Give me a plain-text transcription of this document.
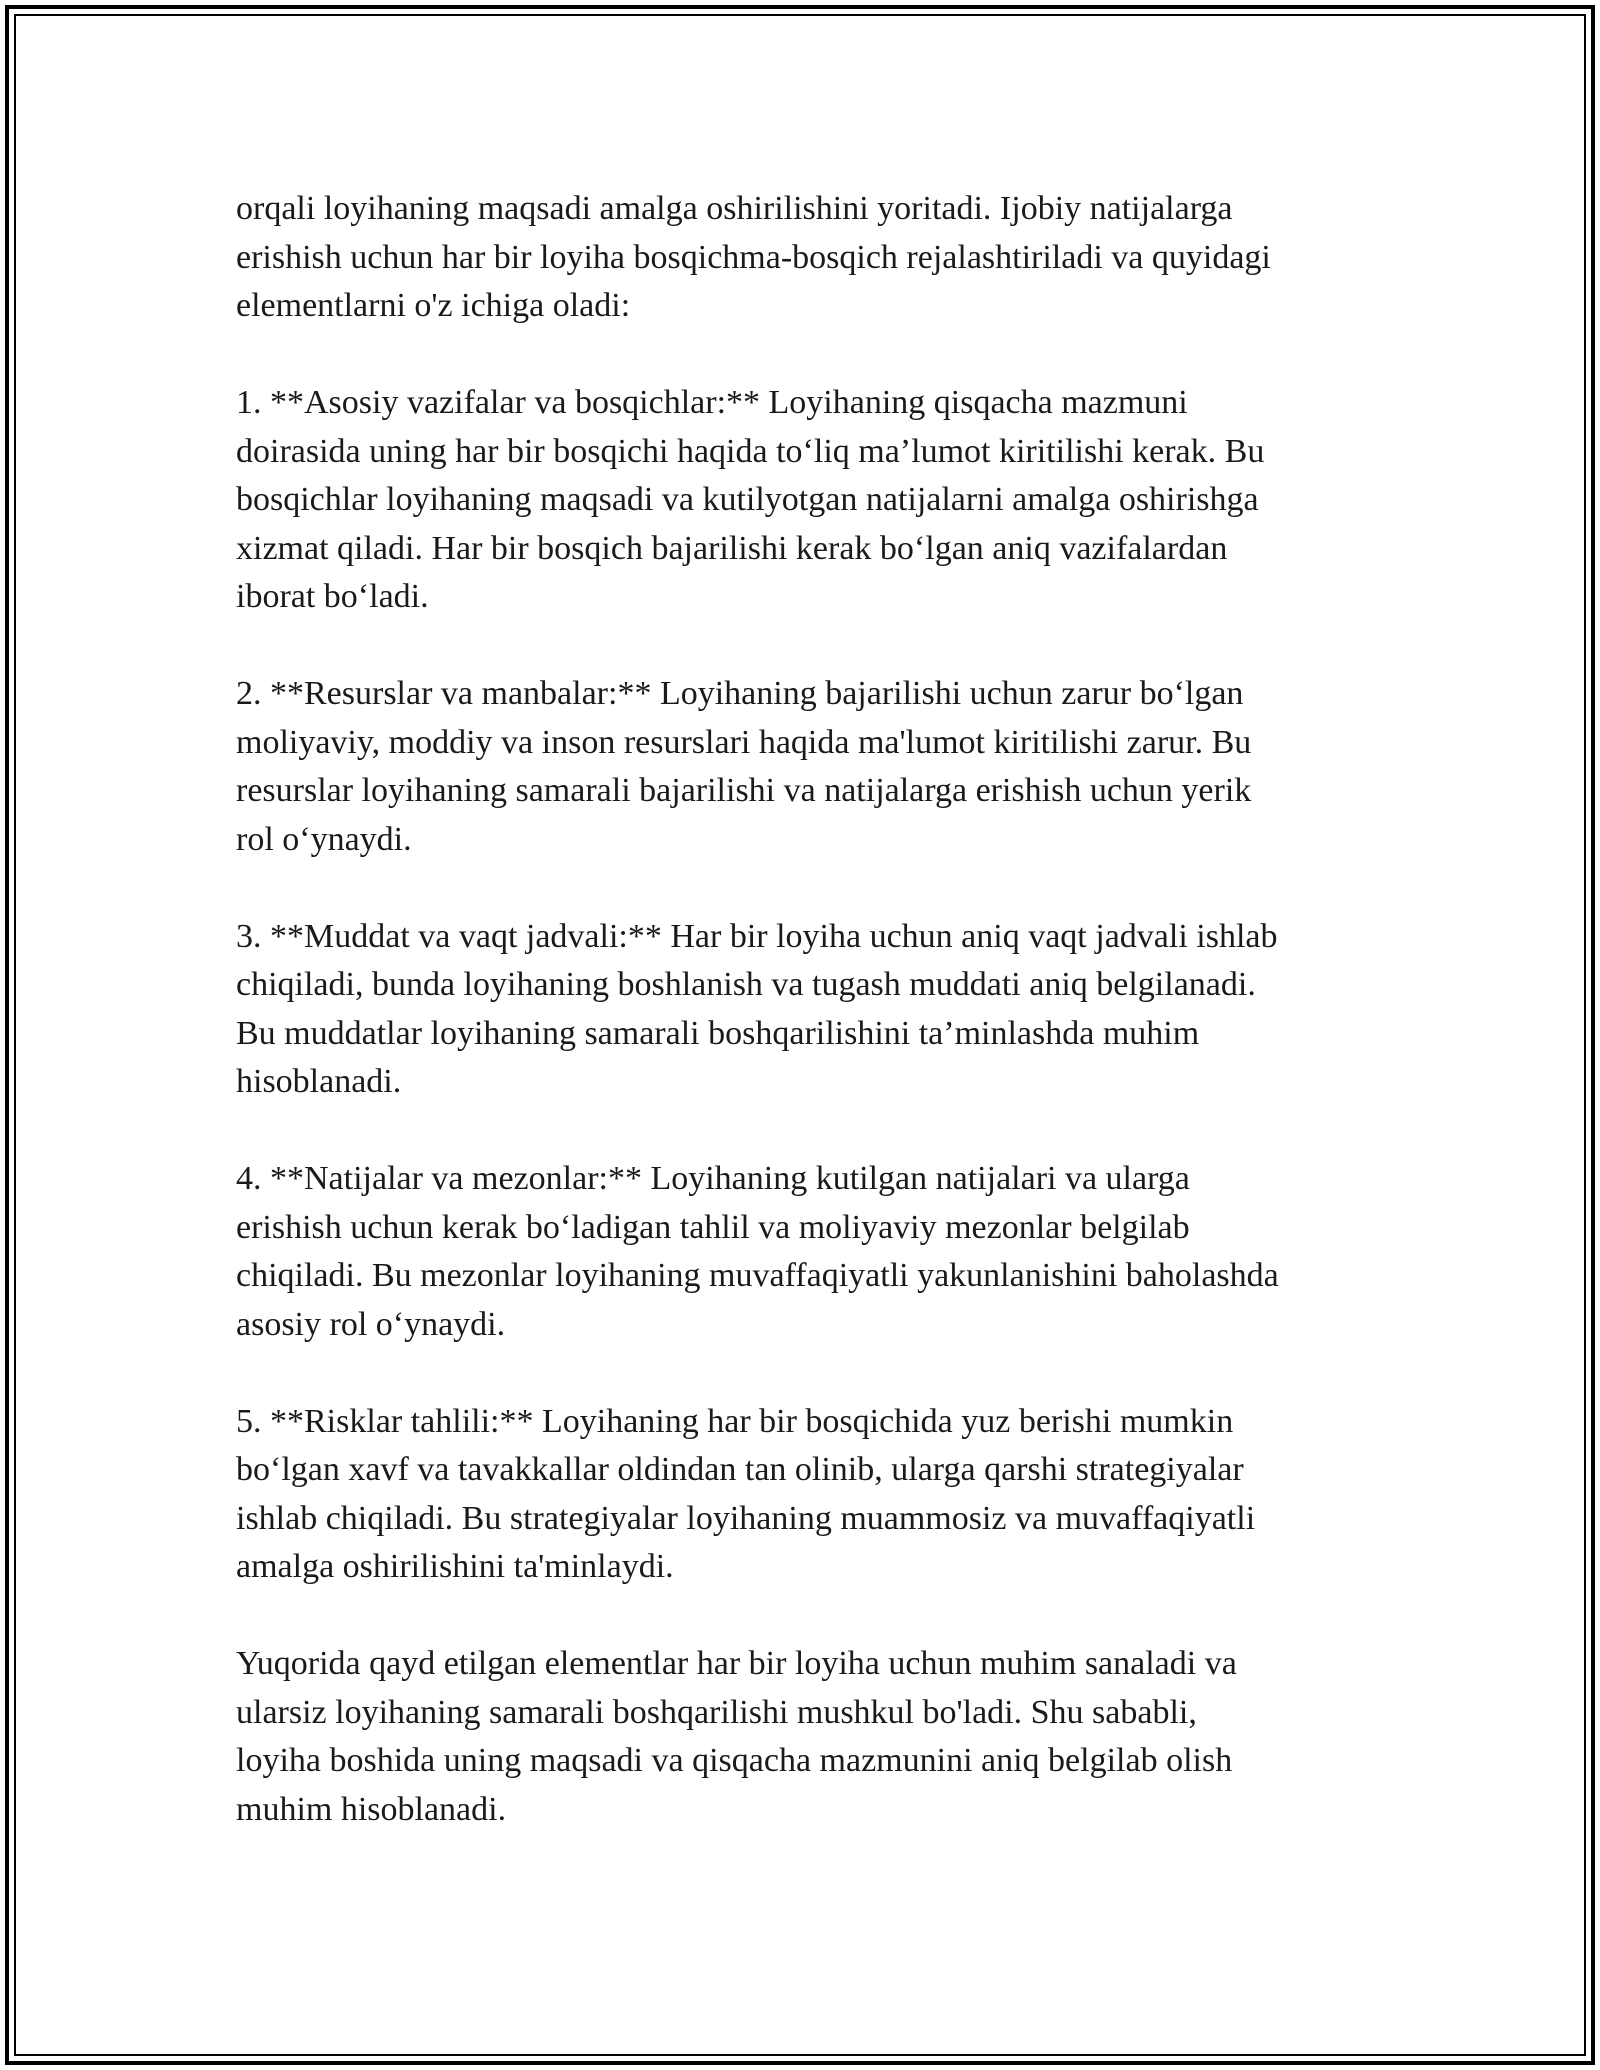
orqali loyihaning maqsadi amalga oshirilishini yoritadi. Ijobiy natijalarga
erishish uchun har bir loyiha bosqichma-bosqich rejalashtiriladi va quyidagi
elementlarni o'z ichiga oladi:

1. **Asosiy vazifalar va bosqichlar:** Loyihaning qisqacha mazmuni
doirasida uning har bir bosqichi haqida to‘liq ma’lumot kiritilishi kerak. Bu
bosqichlar loyihaning maqsadi va kutilyotgan natijalarni amalga oshirishga
xizmat qiladi. Har bir bosqich bajarilishi kerak bo‘lgan aniq vazifalardan
iborat bo‘ladi.

2. **Resurslar va manbalar:** Loyihaning bajarilishi uchun zarur bo‘lgan
moliyaviy, moddiy va inson resurslari haqida ma'lumot kiritilishi zarur. Bu
resurslar loyihaning samarali bajarilishi va natijalarga erishish uchun yerik
rol o‘ynaydi.

3. **Muddat va vaqt jadvali:** Har bir loyiha uchun aniq vaqt jadvali ishlab
chiqiladi, bunda loyihaning boshlanish va tugash muddati aniq belgilanadi.
Bu muddatlar loyihaning samarali boshqarilishini ta’minlashda muhim
hisoblanadi.

4. **Natijalar va mezonlar:** Loyihaning kutilgan natijalari va ularga
erishish uchun kerak bo‘ladigan tahlil va moliyaviy mezonlar belgilab
chiqiladi. Bu mezonlar loyihaning muvaffaqiyatli yakunlanishini baholashda
asosiy rol o‘ynaydi.

5. **Risklar tahlili:** Loyihaning har bir bosqichida yuz berishi mumkin
bo‘lgan xavf va tavakkallar oldindan tan olinib, ularga qarshi strategiyalar
ishlab chiqiladi. Bu strategiyalar loyihaning muammosiz va muvaffaqiyatli
amalga oshirilishini ta'minlaydi.

Yuqorida qayd etilgan elementlar har bir loyiha uchun muhim sanaladi va
ularsiz loyihaning samarali boshqarilishi mushkul bo'ladi. Shu sababli,
loyiha boshida uning maqsadi va qisqacha mazmunini aniq belgilab olish
muhim hisoblanadi.
